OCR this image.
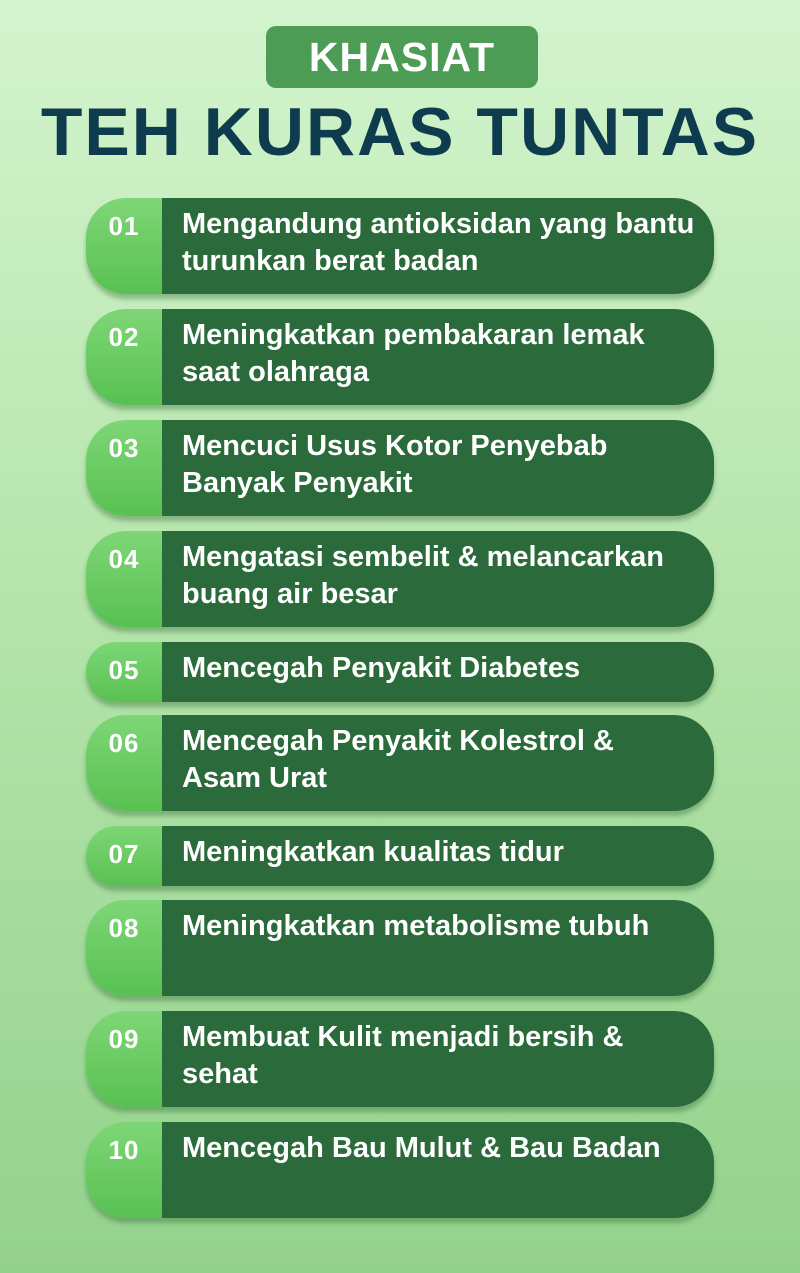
KHASIAT
TEH KURAS TUNTAS
01	Mengandung antioksidan yang bantu turunkan berat badan
02	Meningkatkan pembakaran lemak saat olahraga
03	Mencuci Usus Kotor Penyebab Banyak Penyakit
04	Mengatasi sembelit & melancarkan buang air besar
05	Mencegah Penyakit Diabetes
06	Mencegah Penyakit Kolestrol & Asam Urat
07	Meningkatkan kualitas tidur
08	Meningkatkan metabolisme tubuh
09	Membuat Kulit menjadi bersih & sehat
10	Mencegah Bau Mulut & Bau Badan
